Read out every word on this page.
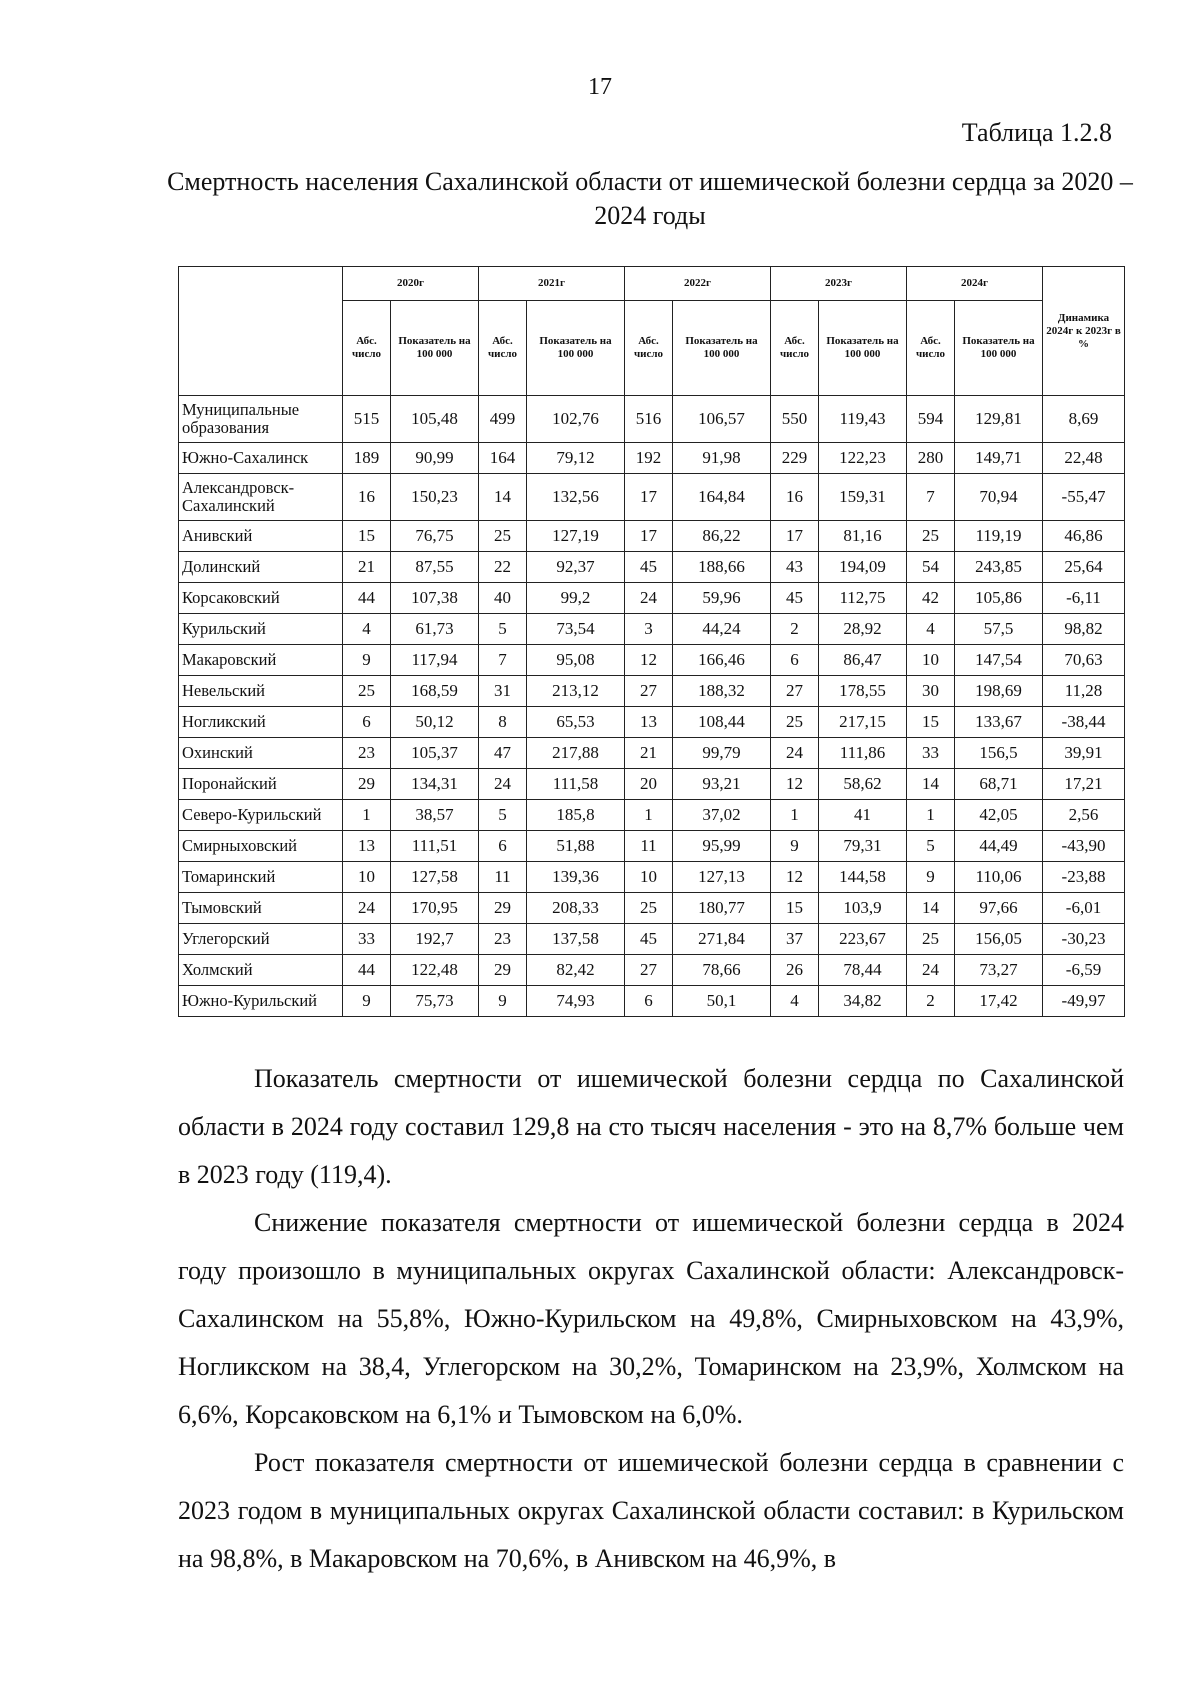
17
Таблица 1.2.8
Смертность населения Сахалинской области от ишемической болезни сердца за 2020 – 2024 годы
	2020г		2021г		2022г		2023г		2024г		Динамика 2024г к 2023г в %
	Абс. число	Показатель на 100 000	Абс. число	Показатель на 100 000	Абс. число	Показатель на 100 000	Абс. число	Показатель на 100 000	Абс. число	Показатель на 100 000	
Муниципальные образования	515	105,48	499	102,76	516	106,57	550	119,43	594	129,81	8,69
Южно-Сахалинск	189	90,99	164	79,12	192	91,98	229	122,23	280	149,71	22,48
Александровск-Сахалинский	16	150,23	14	132,56	17	164,84	16	159,31	7	70,94	-55,47
Анивский	15	76,75	25	127,19	17	86,22	17	81,16	25	119,19	46,86
Долинский	21	87,55	22	92,37	45	188,66	43	194,09	54	243,85	25,64
Корсаковский	44	107,38	40	99,2	24	59,96	45	112,75	42	105,86	-6,11
Курильский	4	61,73	5	73,54	3	44,24	2	28,92	4	57,5	98,82
Макаровский	9	117,94	7	95,08	12	166,46	6	86,47	10	147,54	70,63
Невельский	25	168,59	31	213,12	27	188,32	27	178,55	30	198,69	11,28
Ногликский	6	50,12	8	65,53	13	108,44	25	217,15	15	133,67	-38,44
Охинский	23	105,37	47	217,88	21	99,79	24	111,86	33	156,5	39,91
Поронайский	29	134,31	24	111,58	20	93,21	12	58,62	14	68,71	17,21
Северо-Курильский	1	38,57	5	185,8	1	37,02	1	41	1	42,05	2,56
Смирныховский	13	111,51	6	51,88	11	95,99	9	79,31	5	44,49	-43,90
Томаринский	10	127,58	11	139,36	10	127,13	12	144,58	9	110,06	-23,88
Тымовский	24	170,95	29	208,33	25	180,77	15	103,9	14	97,66	-6,01
Углегорский	33	192,7	23	137,58	45	271,84	37	223,67	25	156,05	-30,23
Холмский	44	122,48	29	82,42	27	78,66	26	78,44	24	73,27	-6,59
Южно-Курильский	9	75,73	9	74,93	6	50,1	4	34,82	2	17,42	-49,97

Показатель смертности от ишемической болезни сердца по Сахалинской области в 2024 году составил 129,8 на сто тысяч населения - это на 8,7% больше чем в 2023 году (119,4).

Снижение показателя смертности от ишемической болезни сердца в 2024 году произошло в муниципальных округах Сахалинской области: Александровск-Сахалинском на 55,8%, Южно-Курильском на 49,8%, Смирныховском на 43,9%, Ногликском на 38,4, Углегорском на 30,2%, Томаринском на 23,9%, Холмском на 6,6%, Корсаковском на 6,1% и Тымовском на 6,0%.

Рост показателя смертности от ишемической болезни сердца в сравнении с 2023 годом в муниципальных округах Сахалинской области составил: в Курильском на 98,8%, в Макаровском на 70,6%, в Анивском на 46,9%, в
